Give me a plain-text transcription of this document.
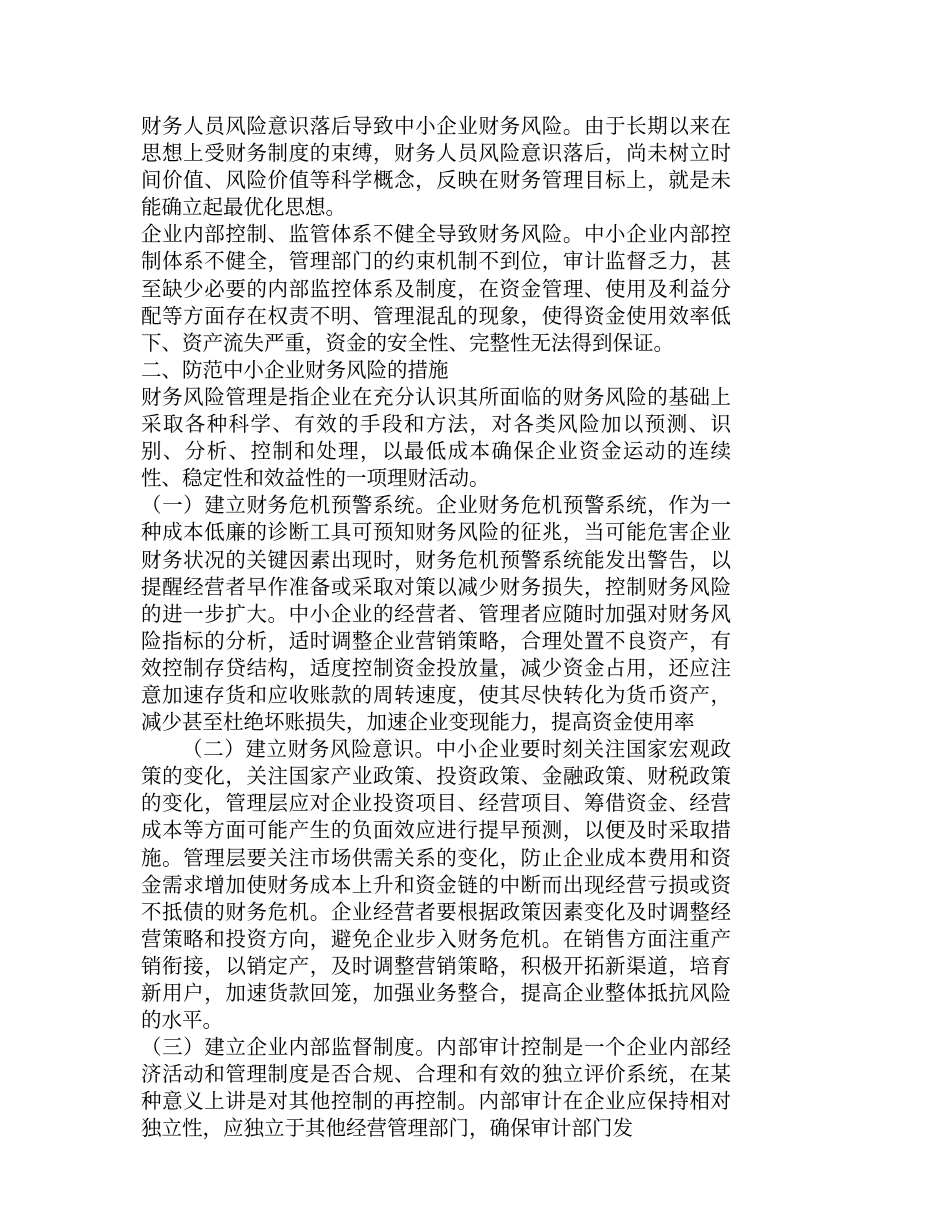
财务人员风险意识落后导致中小企业财务风险。由于长期以来在思想上受财务制度的束缚，财务人员风险意识落后，尚未树立时间价值、风险价值等科学概念，反映在财务管理目标上，就是未能确立起最优化思想。

企业内部控制、监管体系不健全导致财务风险。中小企业内部控制体系不健全，管理部门的约束机制不到位，审计监督乏力，甚至缺少必要的内部监控体系及制度，在资金管理、使用及利益分配等方面存在权责不明、管理混乱的现象，使得资金使用效率低下、资产流失严重，资金的安全性、完整性无法得到保证。

二、防范中小企业财务风险的措施

财务风险管理是指企业在充分认识其所面临的财务风险的基础上采取各种科学、有效的手段和方法，对各类风险加以预测、识别、分析、控制和处理，以最低成本确保企业资金运动的连续性、稳定性和效益性的一项理财活动。

（一）建立财务危机预警系统。企业财务危机预警系统，作为一种成本低廉的诊断工具可预知财务风险的征兆，当可能危害企业财务状况的关键因素出现时，财务危机预警系统能发出警告，以提醒经营者早作准备或采取对策以减少财务损失，控制财务风险的进一步扩大。中小企业的经营者、管理者应随时加强对财务风险指标的分析，适时调整企业营销策略，合理处置不良资产，有效控制存贷结构，适度控制资金投放量，减少资金占用，还应注意加速存货和应收账款的周转速度，使其尽快转化为货币资产，减少甚至杜绝坏账损失，加速企业变现能力，提高资金使用率

（二）建立财务风险意识。中小企业要时刻关注国家宏观政策的变化，关注国家产业政策、投资政策、金融政策、财税政策的变化，管理层应对企业投资项目、经营项目、筹借资金、经营成本等方面可能产生的负面效应进行提早预测，以便及时采取措施。管理层要关注市场供需关系的变化，防止企业成本费用和资金需求增加使财务成本上升和资金链的中断而出现经营亏损或资不抵债的财务危机。企业经营者要根据政策因素变化及时调整经营策略和投资方向，避免企业步入财务危机。在销售方面注重产销衔接，以销定产，及时调整营销策略，积极开拓新渠道，培育新用户，加速货款回笼，加强业务整合，提高企业整体抵抗风险的水平。

（三）建立企业内部监督制度。内部审计控制是一个企业内部经济活动和管理制度是否合规、合理和有效的独立评价系统，在某种意义上讲是对其他控制的再控制。内部审计在企业应保持相对独立性，应独立于其他经营管理部门，确保审计部门发
